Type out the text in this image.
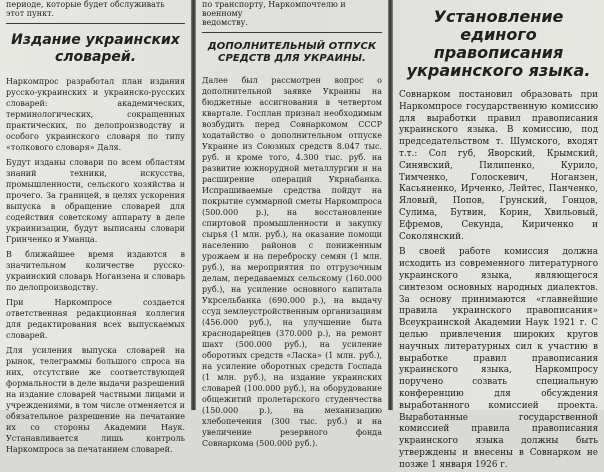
периоде, которые будет обслуживать
этот пункт.

Издание украинских словарей.

Наркомпрос разработал план издания русско-украинских и украинско-русских словарей: академических, терминологических, сокращенных практических, по делопроизводству и особого украинского словаря по типу «толкового словаря» Даля.

Будут изданы словари по всем областям знаний техники, искусства, промышленности, сельского хозяйства и прочего. За границей, в целях ускорения выпуска в обращение словарей для содействия советскому аппарату в деле украинизации, будут выписаны словари Гринченко и Уманца.

В ближайшее время издаются в значительном количестве русско-украинский словарь Ноганзена и словарь по делопроизводству.

При Наркомпросе создается ответственная редакционная коллегия для редактирования всех выпускаемых словарей.

Для усиления выпуска словарей на рынок, телеграммы большого спроса на них, отсутствие же соответствующей формальности в деле выдачи разрешений на издание словарей частными лицами и учреждениями, в том числе отменяется и обязательное разрешение на печатание их со стороны Академии Наук. Устанавливается лишь контроль Наркомпроса за печатанием словарей.

по транспорту, Наркомпочтелю и военному
ведомству.

ДОПОЛНИТЕЛЬНЫЙ ОТПУСК СРЕДСТВ ДЛЯ УКРАИНЫ.

Далее был рассмотрен вопрос о дополнительной заявке Украины на бюджетные ассигнования в четвертом квартале. Госплан признал необходимым возбудить перед Совнаркомом СССР ходатайство о дополнительном отпуске Украине из Союзных средств 8.047 тыс. руб. и кроме того, 4.300 тыс. руб. на развитие южнорудной металлургии и на расширение операций Укрнабанка. Испрашиваемые средства пойдут на покрытие суммарной сметы Наркомпроса (500.000 р.), на восстановление спиртовой промышленности и закупку сырья (1 млн. руб.), на оказание помощи населению районов с пониженным урожаем и на переброску семян (1 млн. руб.), на мероприятия по отгрузочным делам, передаваемых сельскому (160.000 руб.), на усиление основного капитала Укрсельбанка (690.000 р.), на выдачу ссуд землеустройственным организациям (456.000 руб.), на улучшение быта краснодарейцев (370.000 р.), на ремонт шахт (500.000 руб.), на усиление оборотных средств «Ласка» (1 млн. руб.), на усиление оборотных средств Госпада (1 млн. руб.), на издание украинских словарей (100.000 руб.), на оборудование общежитий пролетарского студенчества (150.000 р.), на механизацию хлебопечения (300 тыс. руб.) и на увеличение резервного фонда Совнаркома (500.000 руб.).

Установление единого правописания украинского языка.

Совнарком постановил образовать при Наркомпросе государственную комиссию для выработки правил правописания украинского языка. В комиссию, под председательством т. Шумского, входят т.т.: Сол губ, Яворский, Крымский, Синявский, Пилипенко, Курило, Тимченко, Голоскевич, Ноганзен, Касьяненко, Ирченко, Лейтес, Панченко, Яловый, Попов, Грунский, Гонцов, Сулима, Бутвин, Корин, Хвильовый, Ефремов, Секунда, Кириченко и Соколянский.

В своей работе комиссия должна исходить из современного литературного украинского языка, являющегося синтезом основных народных диалектов. За основу принимаются «главнейшие правила украинского правописания» Всеукраинской Академии Наук 1921 г. С целью привлечения широких кругов научных литературных сил к участию в выработке правил правописания украинского языка, Наркомпросу поручено созвать специальную конференцию для обсуждения выработанного комиссией проекта. Выработанные государственной комиссией правила правописания украинского языка должны быть утверждены и внесены в Совнарком не позже 1 января 1926 г.
